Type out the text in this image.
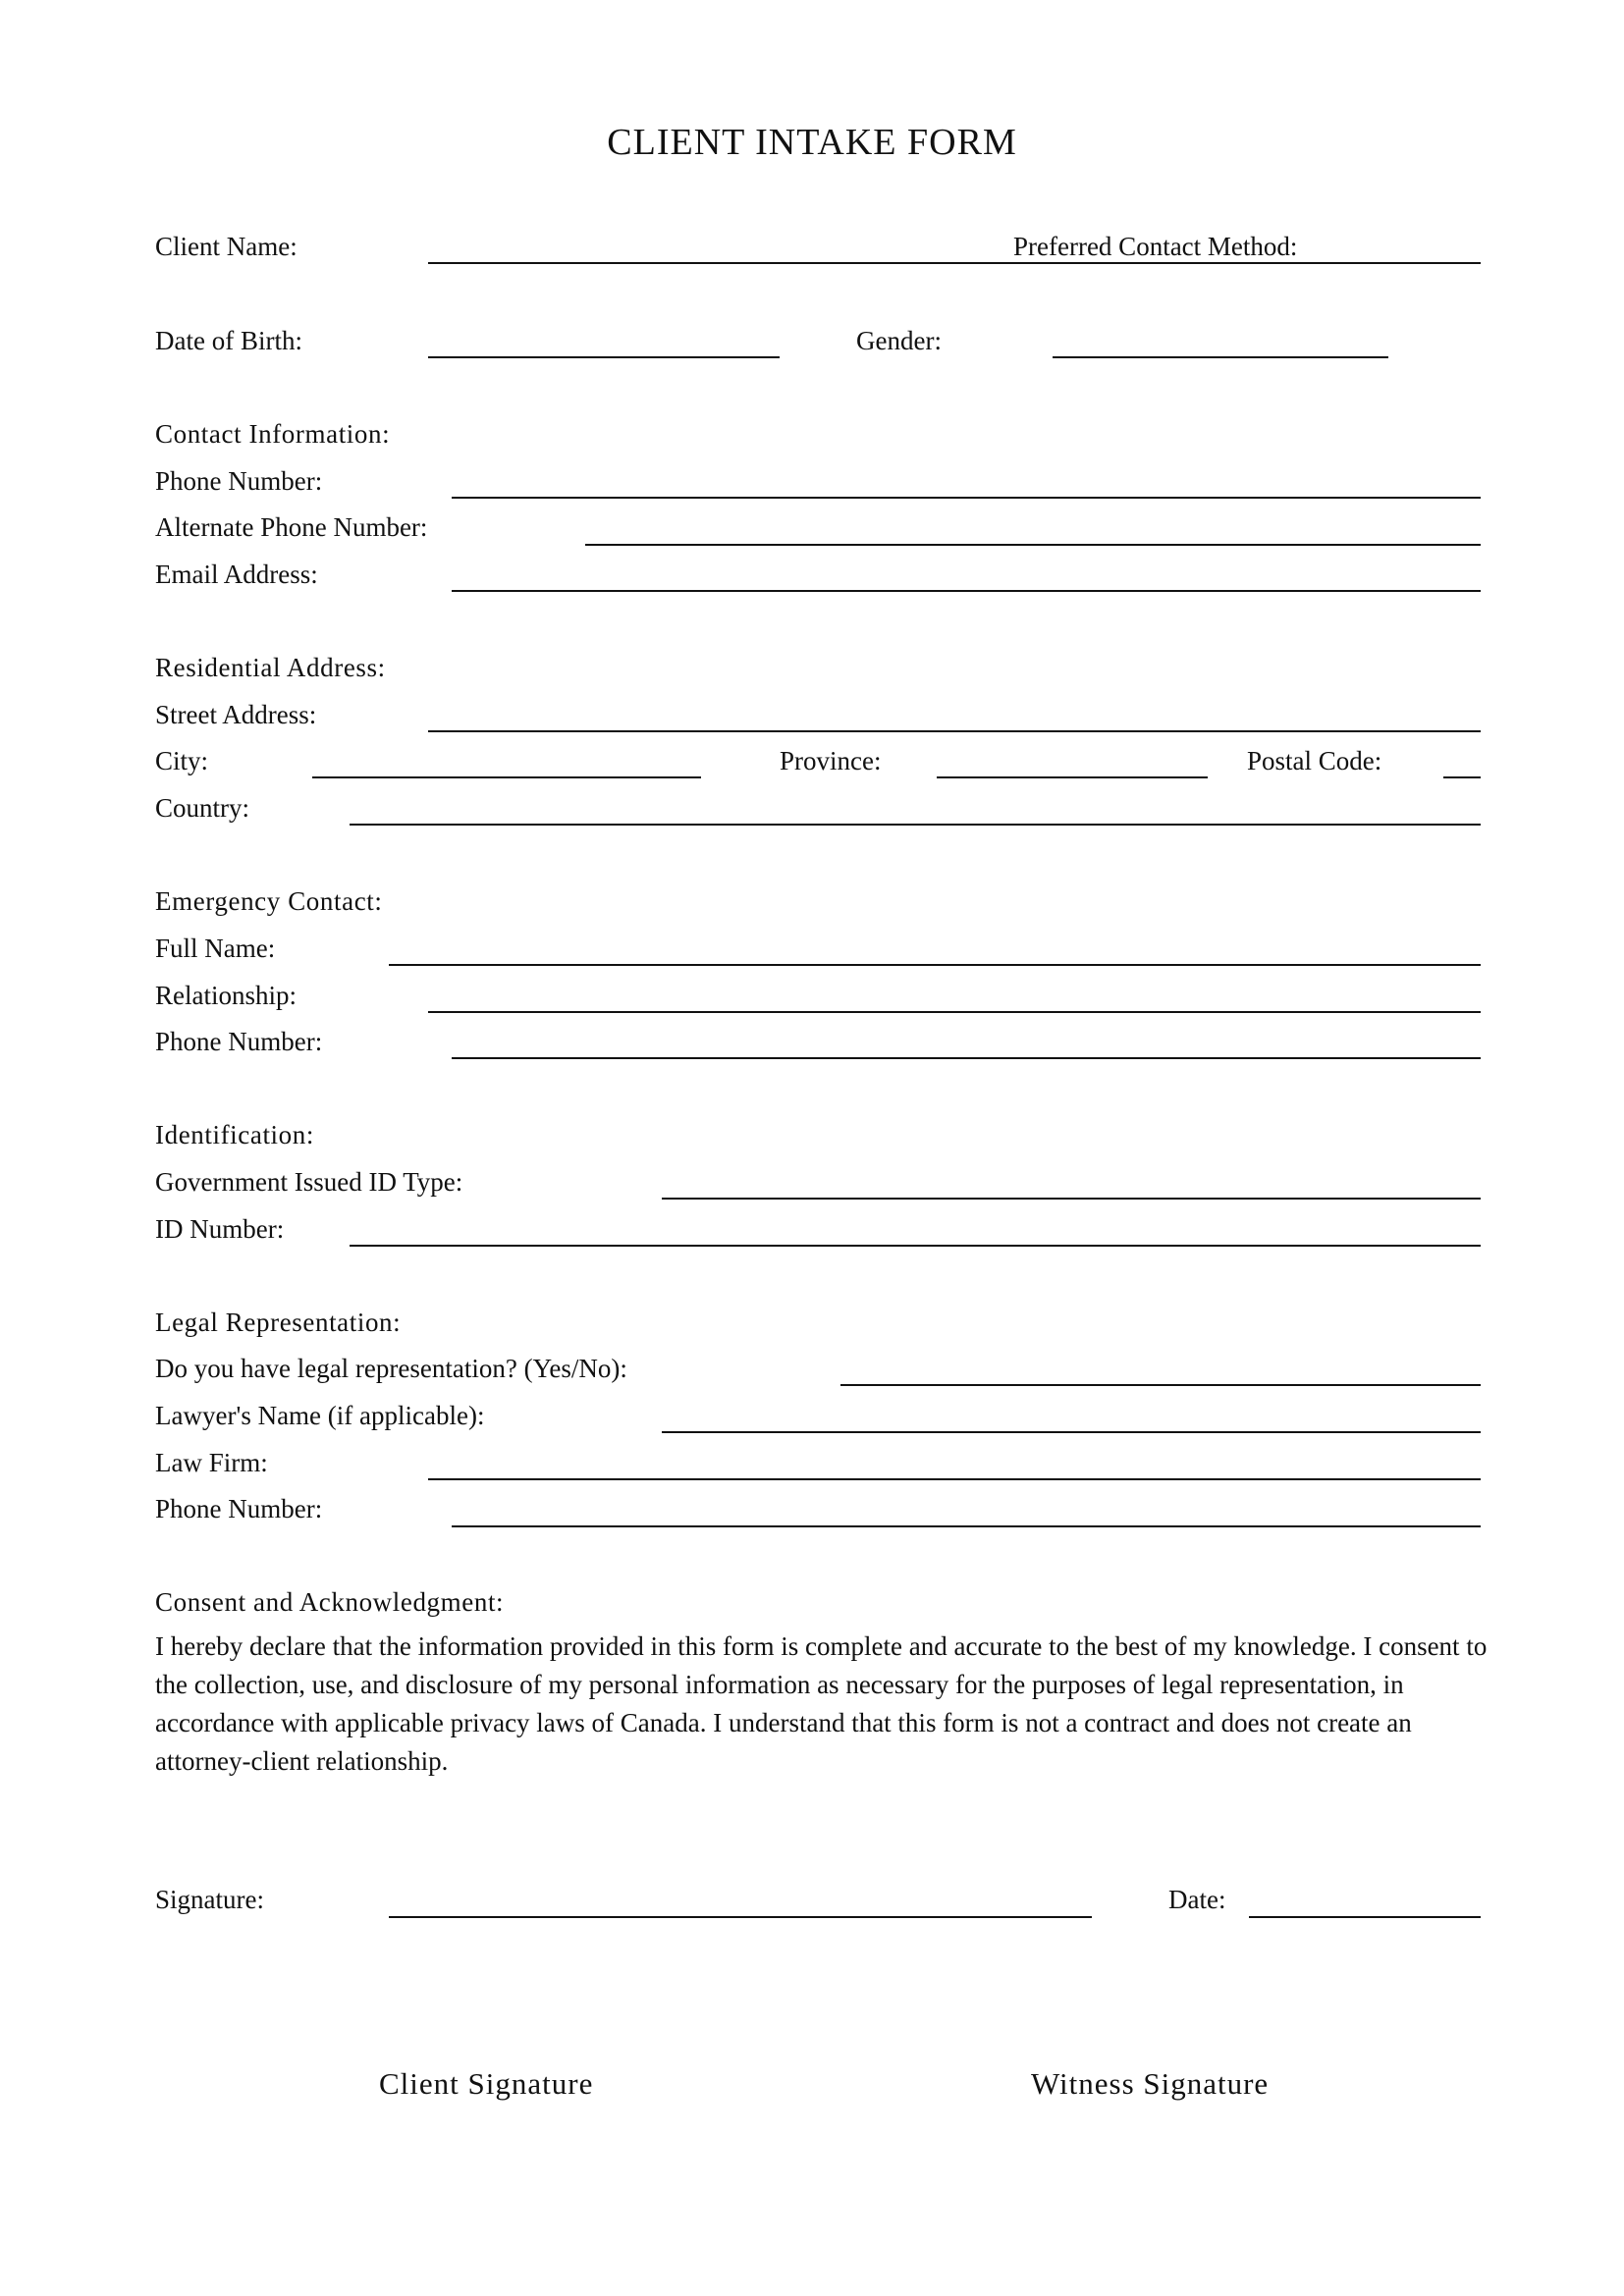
CLIENT INTAKE FORM
Client Name:	Preferred Contact Method:
Date of Birth:	Gender:
Contact Information:
Phone Number:
Alternate Phone Number:
Email Address:
Residential Address:
Street Address:
City:	Province:	Postal Code:
Country:
Emergency Contact:
Full Name:
Relationship:
Phone Number:
Identification:
Government Issued ID Type:
ID Number:
Legal Representation:
Do you have legal representation? (Yes/No):
Lawyer's Name (if applicable):
Law Firm:
Phone Number:
Consent and Acknowledgment:
I hereby declare that the information provided in this form is complete and accurate to the best of my knowledge. I consent to the collection, use, and disclosure of my personal information as necessary for the purposes of legal representation, in accordance with applicable privacy laws of Canada. I understand that this form is not a contract and does not create an attorney-client relationship.
Signature:	Date:
Client Signature	Witness Signature
